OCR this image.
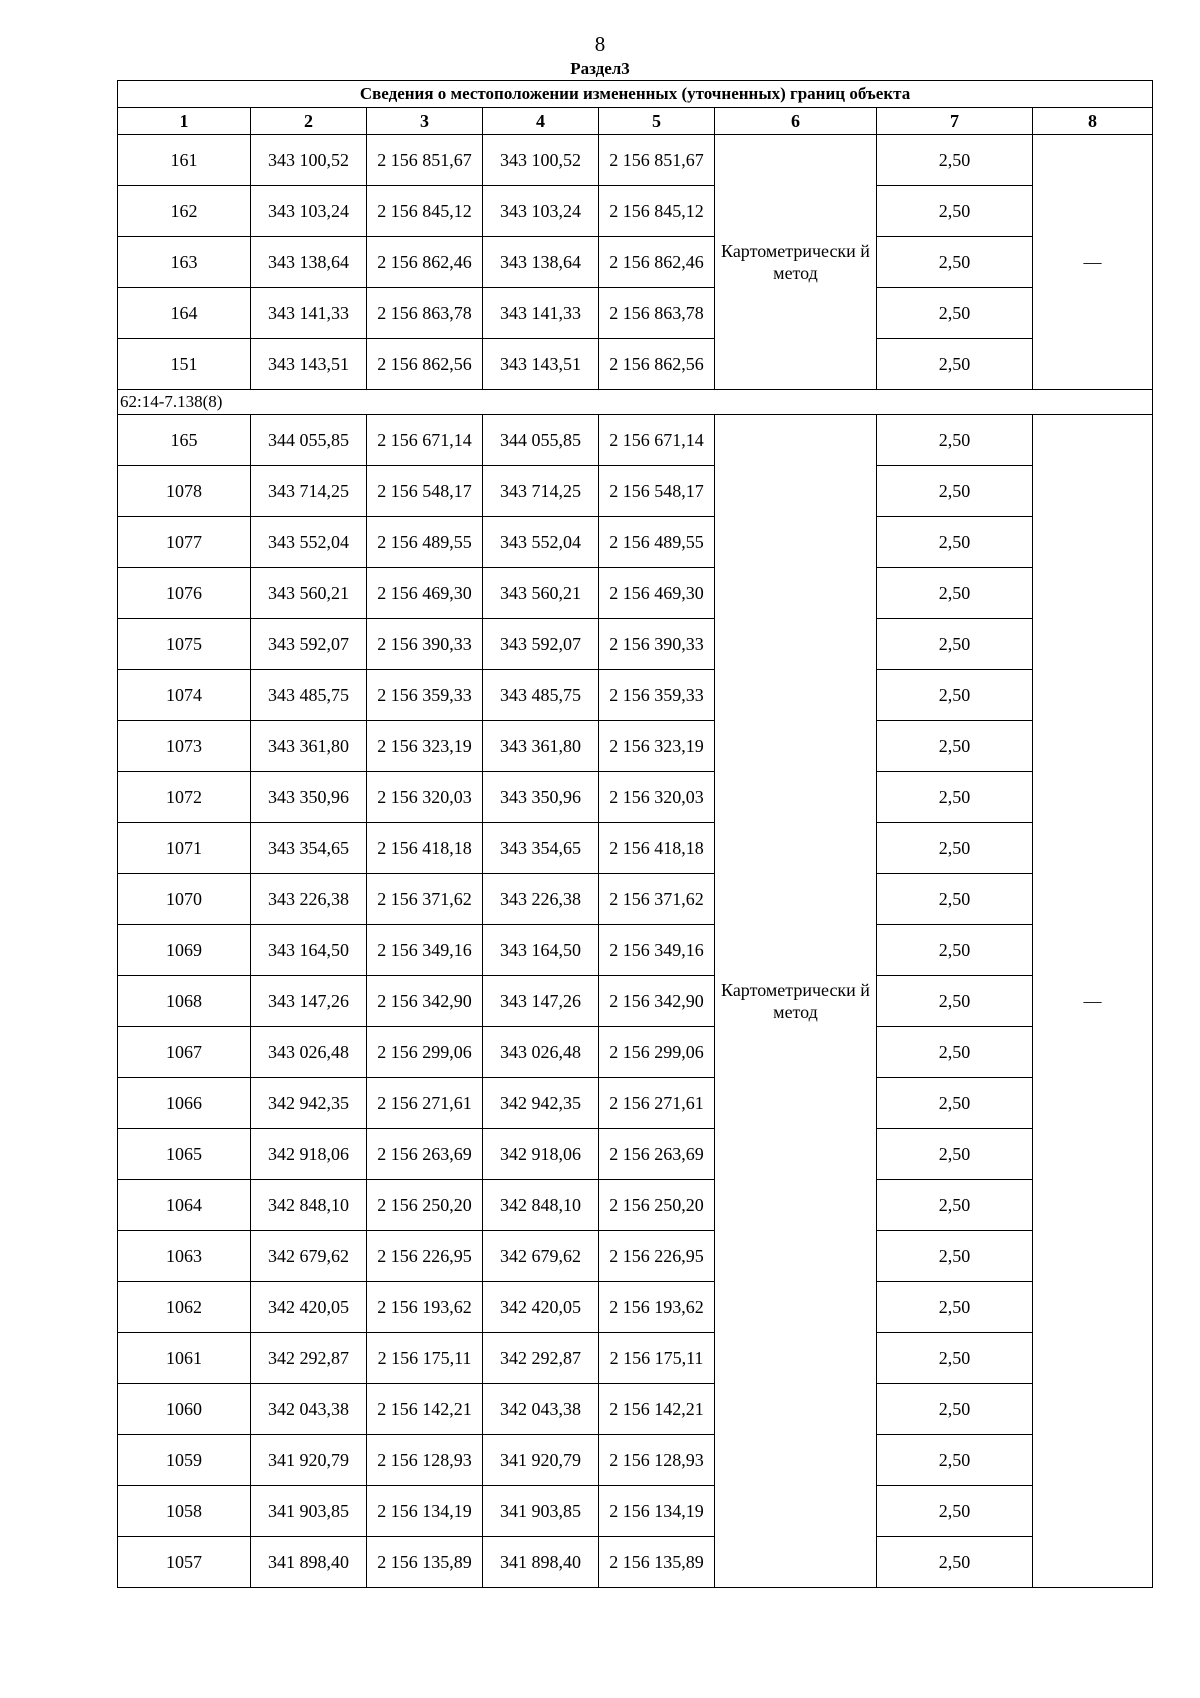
8
Раздел3
Сведения о местоположении измененных (уточненных) границ объекта							
1	2	3	4	5	6	7	8
161	343 100,52	2 156 851,67	343 100,52	2 156 851,67	Картометрически й метод	2,50	—
162	343 103,24	2 156 845,12	343 103,24	2 156 845,12		2,50	
163	343 138,64	2 156 862,46	343 138,64	2 156 862,46		2,50	
164	343 141,33	2 156 863,78	343 141,33	2 156 863,78		2,50	
151	343 143,51	2 156 862,56	343 143,51	2 156 862,56		2,50	
62:14-7.138(8)							
165	344 055,85	2 156 671,14	344 055,85	2 156 671,14	Картометрически й метод	2,50	—
1078	343 714,25	2 156 548,17	343 714,25	2 156 548,17		2,50	
1077	343 552,04	2 156 489,55	343 552,04	2 156 489,55		2,50	
1076	343 560,21	2 156 469,30	343 560,21	2 156 469,30		2,50	
1075	343 592,07	2 156 390,33	343 592,07	2 156 390,33		2,50	
1074	343 485,75	2 156 359,33	343 485,75	2 156 359,33		2,50	
1073	343 361,80	2 156 323,19	343 361,80	2 156 323,19		2,50	
1072	343 350,96	2 156 320,03	343 350,96	2 156 320,03		2,50	
1071	343 354,65	2 156 418,18	343 354,65	2 156 418,18		2,50	
1070	343 226,38	2 156 371,62	343 226,38	2 156 371,62		2,50	
1069	343 164,50	2 156 349,16	343 164,50	2 156 349,16		2,50	
1068	343 147,26	2 156 342,90	343 147,26	2 156 342,90		2,50	
1067	343 026,48	2 156 299,06	343 026,48	2 156 299,06		2,50	
1066	342 942,35	2 156 271,61	342 942,35	2 156 271,61		2,50	
1065	342 918,06	2 156 263,69	342 918,06	2 156 263,69		2,50	
1064	342 848,10	2 156 250,20	342 848,10	2 156 250,20		2,50	
1063	342 679,62	2 156 226,95	342 679,62	2 156 226,95		2,50	
1062	342 420,05	2 156 193,62	342 420,05	2 156 193,62		2,50	
1061	342 292,87	2 156 175,11	342 292,87	2 156 175,11		2,50	
1060	342 043,38	2 156 142,21	342 043,38	2 156 142,21		2,50	
1059	341 920,79	2 156 128,93	341 920,79	2 156 128,93		2,50	
1058	341 903,85	2 156 134,19	341 903,85	2 156 134,19		2,50	
1057	341 898,40	2 156 135,89	341 898,40	2 156 135,89		2,50	
